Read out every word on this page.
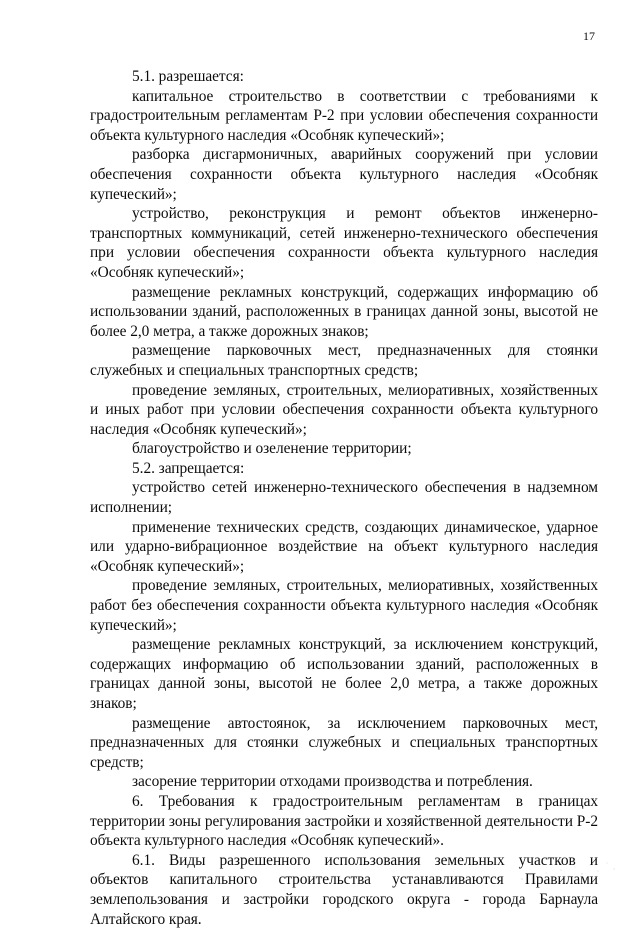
17

5.1. разрешается:

капитальное строительство в соответствии с требованиями к градостроительным регламентам Р-2 при условии обеспечения сохранности объекта культурного наследия «Особняк купеческий»;

разборка дисгармоничных, аварийных сооружений при условии обеспечения сохранности объекта культурного наследия «Особняк купеческий»;

устройство, реконструкция и ремонт объектов инженерно-транспортных коммуникаций, сетей инженерно-технического обеспечения при условии обеспечения сохранности объекта культурного наследия «Особняк купеческий»;

размещение рекламных конструкций, содержащих информацию об использовании зданий, расположенных в границах данной зоны, высотой не более 2,0 метра, а также дорожных знаков;

размещение парковочных мест, предназначенных для стоянки служебных и специальных транспортных средств;

проведение земляных, строительных, мелиоративных, хозяйственных и иных работ при условии обеспечения сохранности объекта культурного наследия «Особняк купеческий»;

благоустройство и озеленение территории;

5.2. запрещается:

устройство сетей инженерно-технического обеспечения в надземном исполнении;

применение технических средств, создающих динамическое, ударное или ударно-вибрационное воздействие на объект культурного наследия «Особняк купеческий»;

проведение земляных, строительных, мелиоративных, хозяйственных работ без обеспечения сохранности объекта культурного наследия «Особняк купеческий»;

размещение рекламных конструкций, за исключением конструкций, содержащих информацию об использовании зданий, расположенных в границах данной зоны, высотой не более 2,0 метра, а также дорожных знаков;

размещение автостоянок, за исключением парковочных мест, предназначенных для стоянки служебных и специальных транспортных средств;

засорение территории отходами производства и потребления.

6. Требования к градостроительным регламентам в границах территории зоны регулирования застройки и хозяйственной деятельности Р-2 объекта культурного наследия «Особняк купеческий».

6.1. Виды разрешенного использования земельных участков и объектов капитального строительства устанавливаются Правилами землепользования и застройки городского округа - города Барнаула Алтайского края.
